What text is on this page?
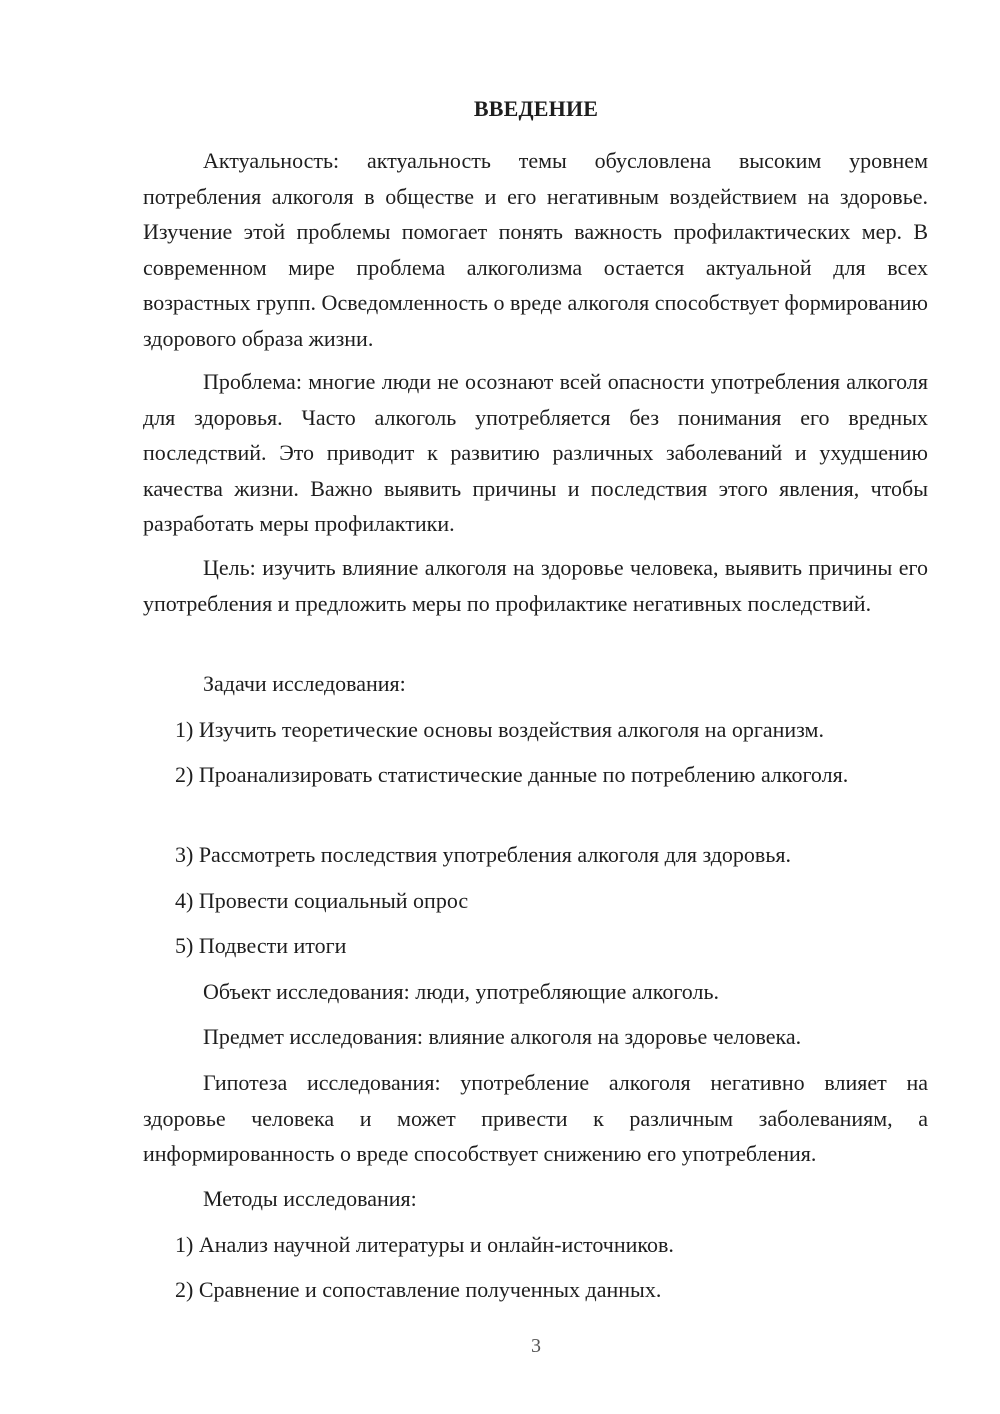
ВВЕДЕНИЕ

Актуальность: актуальность темы обусловлена высоким уровнем потребления алкоголя в обществе и его негативным воздействием на здоровье. Изучение этой проблемы помогает понять важность профилактических мер. В современном мире проблема алкоголизма остается актуальной для всех возрастных групп. Осведомленность о вреде алкоголя способствует формированию здорового образа жизни.

Проблема: многие люди не осознают всей опасности употребления алкоголя для здоровья. Часто алкоголь употребляется без понимания его вредных последствий. Это приводит к развитию различных заболеваний и ухудшению качества жизни. Важно выявить причины и последствия этого явления, чтобы разработать меры профилактики.

Цель: изучить влияние алкоголя на здоровье человека, выявить причины его употребления и предложить меры по профилактике негативных последствий.

Задачи исследования:

1) Изучить теоретические основы воздействия алкоголя на организм.

2) Проанализировать статистические данные по потреблению алкоголя.

3) Рассмотреть последствия употребления алкоголя для здоровья.

4) Провести социальный опрос

5) Подвести итоги

Объект исследования: люди, употребляющие алкоголь.

Предмет исследования: влияние алкоголя на здоровье человека.

Гипотеза исследования: употребление алкоголя негативно влияет на здоровье человека и может привести к различным заболеваниям, а информированность о вреде способствует снижению его употребления.

Методы исследования:

1) Анализ научной литературы и онлайн-источников.

2) Сравнение и сопоставление полученных данных.

3
